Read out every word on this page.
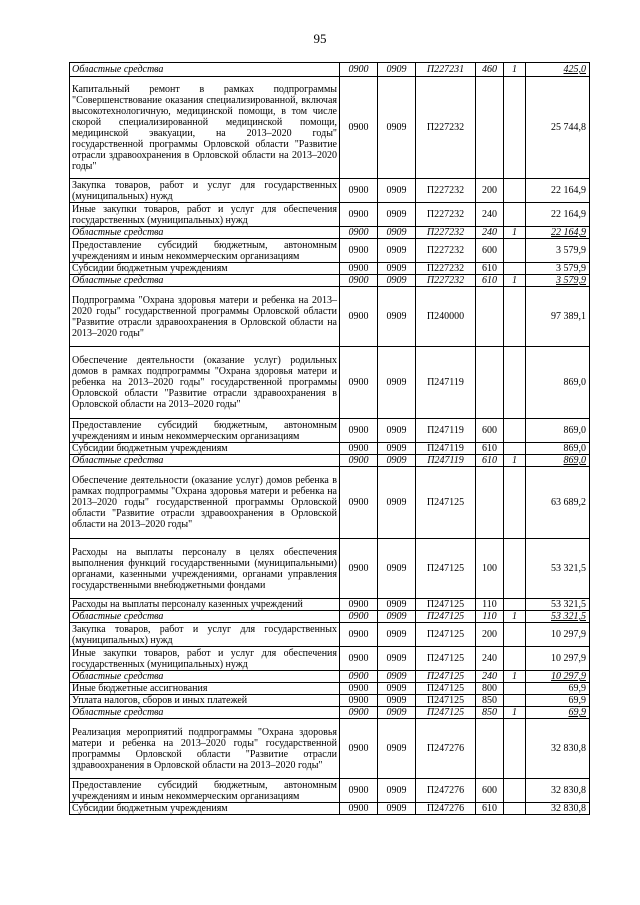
95
Областные средства	0900	0909	П227231	460	1	425,0
Капитальный ремонт в рамках подпрограммы "Совершенствование оказания специализированной, включая высокотехнологичную, медицинской помощи, в том числе скорой специализированной медицинской помощи, медицинской эвакуации, на 2013–2020 годы" государственной программы Орловской области "Развитие отрасли здравоохранения в Орловской области на 2013–2020 годы"	0900	0909	П227232			25 744,8
Закупка товаров, работ и услуг для государственных (муниципальных) нужд	0900	0909	П227232	200		22 164,9
Иные закупки товаров, работ и услуг для обеспечения государственных (муниципальных) нужд	0900	0909	П227232	240		22 164,9
Областные средства	0900	0909	П227232	240	1	22 164,9
Предоставление субсидий бюджетным, автономным учреждениям и иным некоммерческим организациям	0900	0909	П227232	600		3 579,9
Субсидии бюджетным учреждениям	0900	0909	П227232	610		3 579,9
Областные средства	0900	0909	П227232	610	1	3 579,9
Подпрограмма "Охрана здоровья матери и ребенка на 2013–2020 годы" государственной программы Орловской области "Развитие отрасли здравоохранения в Орловской области на 2013–2020 годы"	0900	0909	П240000			97 389,1
Обеспечение деятельности (оказание услуг) родильных домов в рамках подпрограммы "Охрана здоровья матери и ребенка на 2013–2020 годы" государственной программы Орловской области "Развитие отрасли здравоохранения в Орловской области на 2013–2020 годы"	0900	0909	П247119			869,0
Предоставление субсидий бюджетным, автономным учреждениям и иным некоммерческим организациям	0900	0909	П247119	600		869,0
Субсидии бюджетным учреждениям	0900	0909	П247119	610		869,0
Областные средства	0900	0909	П247119	610	1	869,0
Обеспечение деятельности (оказание услуг) домов ребенка в рамках подпрограммы "Охрана здоровья матери и ребенка на 2013–2020 годы" государственной программы Орловской области "Развитие отрасли здравоохранения в Орловской области на 2013–2020 годы"	0900	0909	П247125			63 689,2
Расходы на выплаты персоналу в целях обеспечения выполнения функций государственными (муниципальными) органами, казенными учреждениями, органами управления государственными внебюджетными фондами	0900	0909	П247125	100		53 321,5
Расходы на выплаты персоналу казенных учреждений	0900	0909	П247125	110		53 321,5
Областные средства	0900	0909	П247125	110	1	53 321,5
Закупка товаров, работ и услуг для государственных (муниципальных) нужд	0900	0909	П247125	200		10 297,9
Иные закупки товаров, работ и услуг для обеспечения государственных (муниципальных) нужд	0900	0909	П247125	240		10 297,9
Областные средства	0900	0909	П247125	240	1	10 297,9
Иные бюджетные ассигнования	0900	0909	П247125	800		69,9
Уплата налогов, сборов и иных платежей	0900	0909	П247125	850		69,9
Областные средства	0900	0909	П247125	850	1	69,9
Реализация мероприятий подпрограммы "Охрана здоровья матери и ребенка на 2013–2020 годы" государственной программы Орловской области "Развитие отрасли здравоохранения в Орловской области на 2013–2020 годы"	0900	0909	П247276			32 830,8
Предоставление субсидий бюджетным, автономным учреждениям и иным некоммерческим организациям	0900	0909	П247276	600		32 830,8
Субсидии бюджетным учреждениям	0900	0909	П247276	610		32 830,8
